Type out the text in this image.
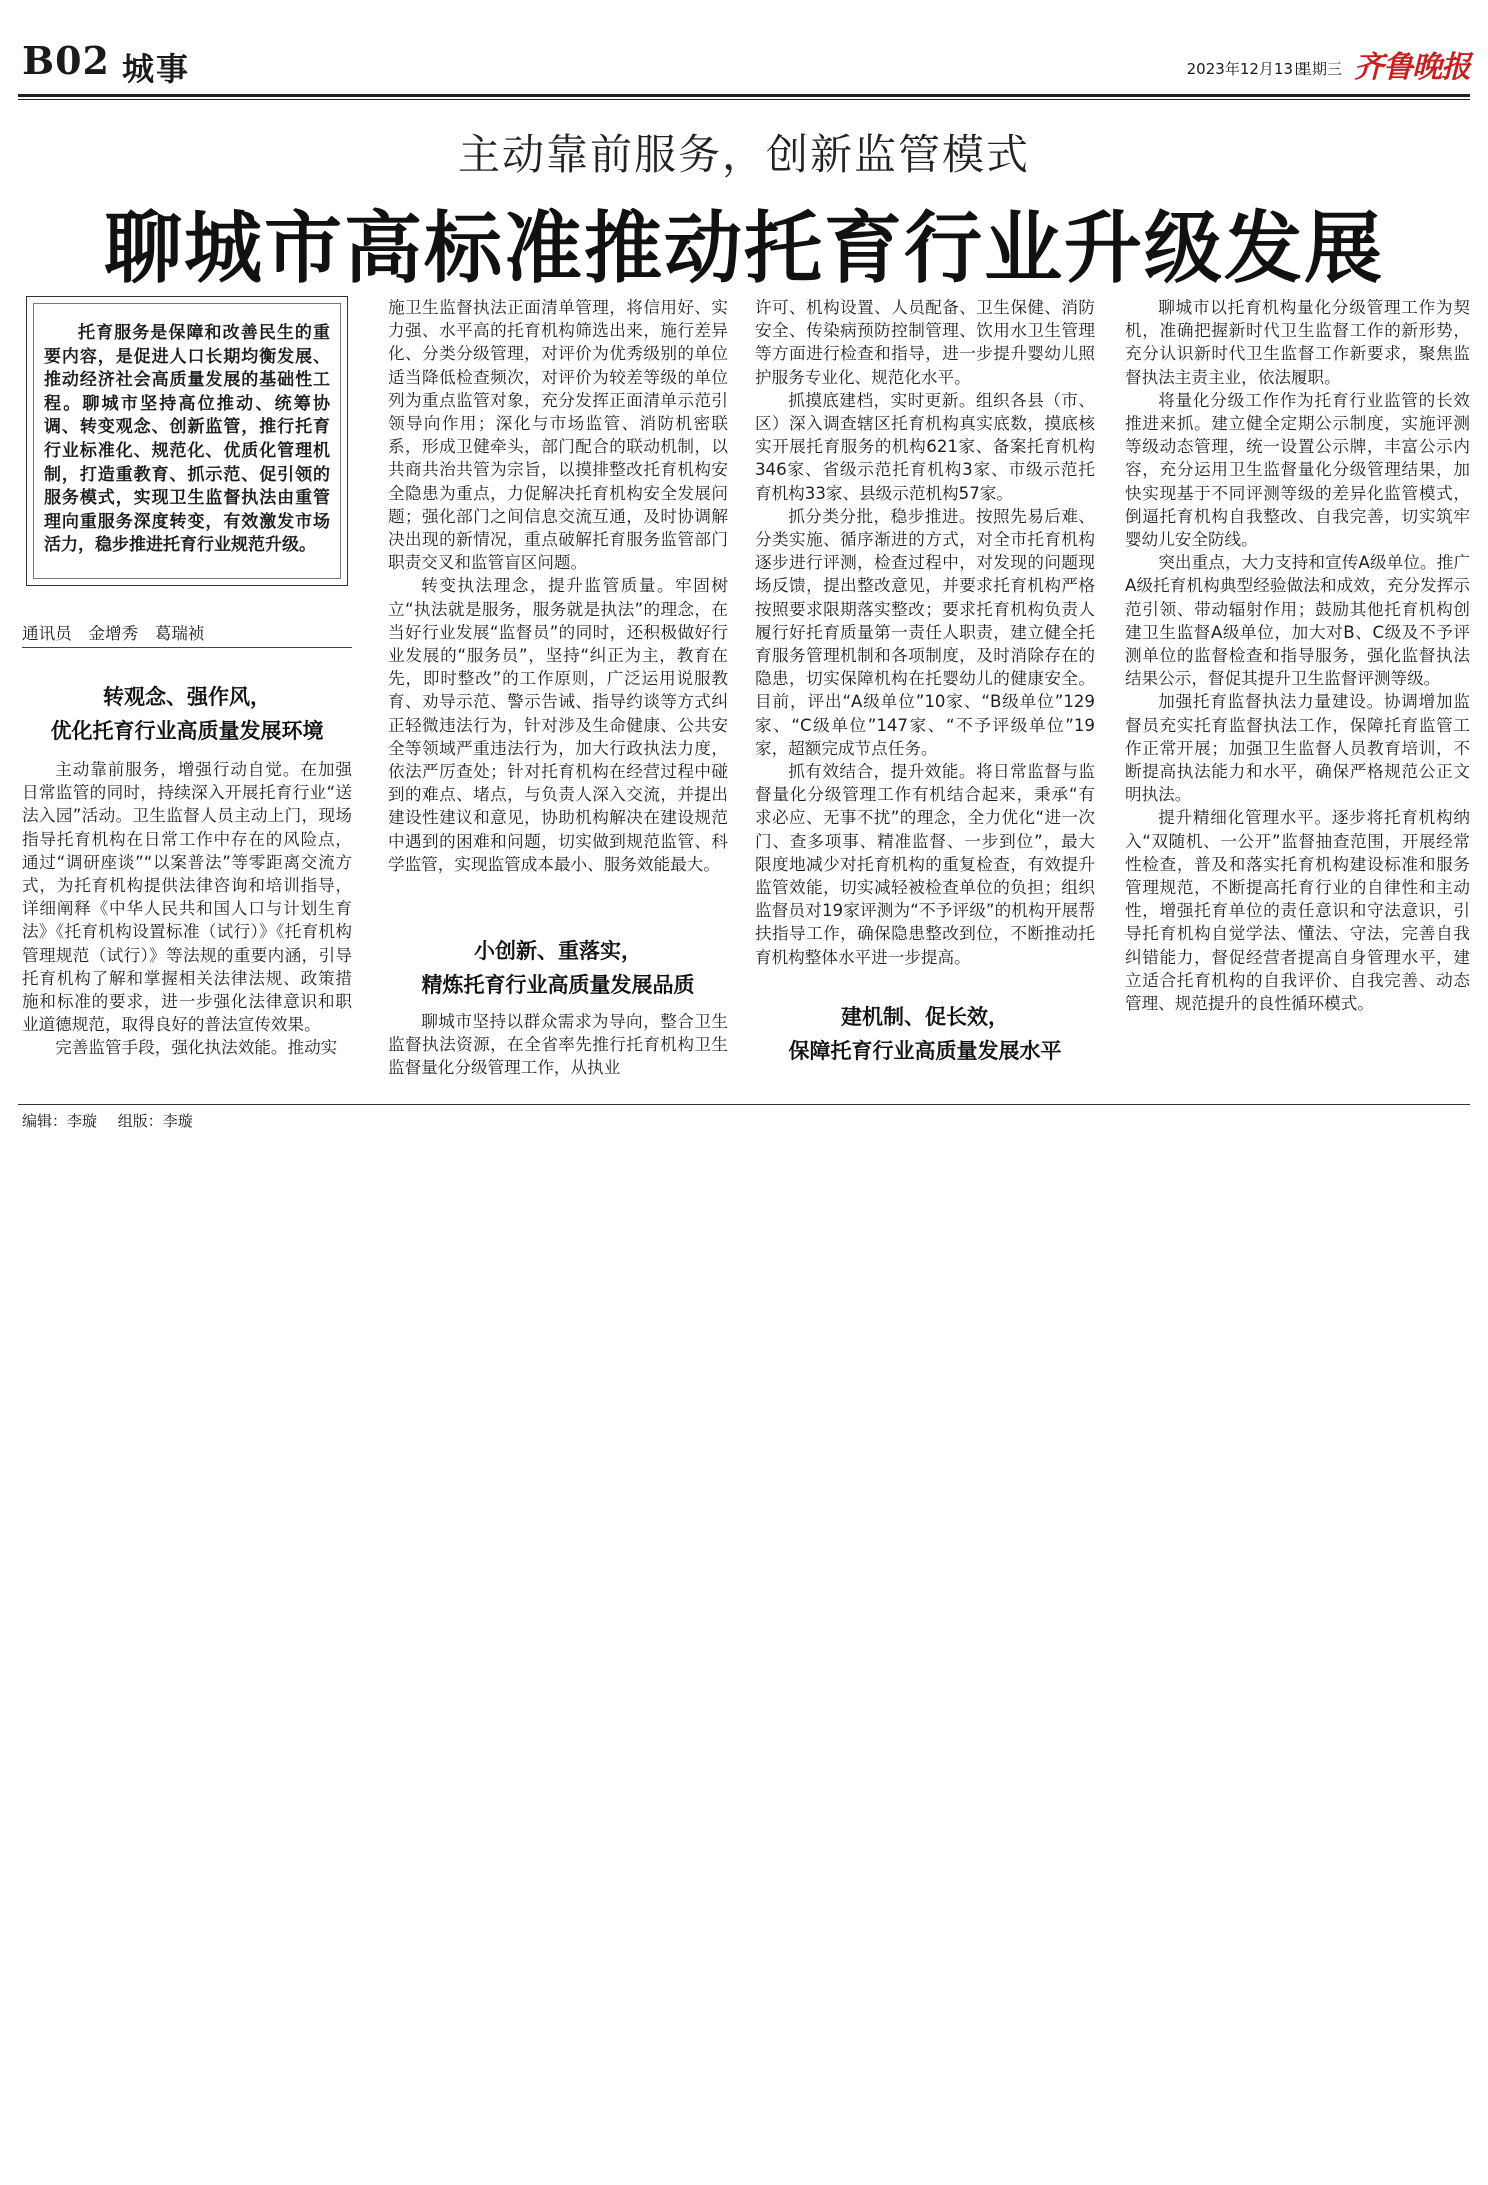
B02 城事	2023年12月13日
星期三 齐鲁晚报
主动靠前服务，创新监管模式
聊城市高标准推动托育行业升级发展

托育服务是保障和改善民生的重要内容，是促进人口长期均衡发展、推动经济社会高质量发展的基础性工程。聊城市坚持高位推动、统筹协调、转变观念、创新监管，推行托育行业标准化、规范化、优质化管理机制，打造重教育、抓示范、促引领的服务模式，实现卫生监督执法由重管理向重服务深度转变，有效激发市场活力，稳步推进托育行业规范升级。

通讯员　金增秀　葛瑞祯
转观念、强作风，
优化托育行业高质量发展环境

主动靠前服务，增强行动自觉。在加强日常监管的同时，持续深入开展托育行业“送法入园”活动。卫生监督人员主动上门，现场指导托育机构在日常工作中存在的风险点，通过“调研座谈”“以案普法”等零距离交流方式，为托育机构提供法律咨询和培训指导，详细阐释《中华人民共和国人口与计划生育法》《托育机构设置标准（试行）》《托育机构管理规范（试行）》等法规的重要内涵，引导托育机构了解和掌握相关法律法规、政策措施和标准的要求，进一步强化法律意识和职业道德规范，取得良好的普法宣传效果。

完善监管手段，强化执法效能。推动实

施卫生监督执法正面清单管理，将信用好、实力强、水平高的托育机构筛选出来，施行差异化、分类分级管理，对评价为优秀级别的单位适当降低检查频次，对评价为较差等级的单位列为重点监管对象，充分发挥正面清单示范引领导向作用；深化与市场监管、消防机密联系，形成卫健牵头，部门配合的联动机制，以共商共治共管为宗旨，以摸排整改托育机构安全隐患为重点，力促解决托育机构安全发展问题；强化部门之间信息交流互通，及时协调解决出现的新情况，重点破解托育服务监管部门职责交叉和监管盲区问题。

转变执法理念，提升监管质量。牢固树立“执法就是服务，服务就是执法”的理念，在当好行业发展“监督员”的同时，还积极做好行业发展的“服务员”，坚持“纠正为主，教育在先，即时整改”的工作原则，广泛运用说服教育、劝导示范、警示告诫、指导约谈等方式纠正轻微违法行为，针对涉及生命健康、公共安全等领域严重违法行为，加大行政执法力度，依法严厉查处；针对托育机构在经营过程中碰到的难点、堵点，与负责人深入交流，并提出建设性建议和意见，协助机构解决在建设规范中遇到的困难和问题，切实做到规范监管、科学监管，实现监管成本最小、服务效能最大。

小创新、重落实，
精炼托育行业高质量发展品质

聊城市坚持以群众需求为导向，整合卫生监督执法资源，在全省率先推行托育机构卫生监督量化分级管理工作，从执业

许可、机构设置、人员配备、卫生保健、消防安全、传染病预防控制管理、饮用水卫生管理等方面进行检查和指导，进一步提升婴幼儿照护服务专业化、规范化水平。

抓摸底建档，实时更新。组织各县（市、区）深入调查辖区托育机构真实底数，摸底核实开展托育服务的机构621家、备案托育机构346家、省级示范托育机构3家、市级示范托育机构33家、县级示范机构57家。

抓分类分批，稳步推进。按照先易后难、分类实施、循序渐进的方式，对全市托育机构逐步进行评测，检查过程中，对发现的问题现场反馈，提出整改意见，并要求托育机构严格按照要求限期落实整改；要求托育机构负责人履行好托育质量第一责任人职责，建立健全托育服务管理机制和各项制度，及时消除存在的隐患，切实保障机构在托婴幼儿的健康安全。目前，评出“A级单位”10家、“B级单位”129家、“C级单位”147家、“不予评级单位”19家，超额完成节点任务。

抓有效结合，提升效能。将日常监督与监督量化分级管理工作有机结合起来，秉承“有求必应、无事不扰”的理念，全力优化“进一次门、查多项事、精准监督、一步到位”，最大限度地减少对托育机构的重复检查，有效提升监管效能，切实减轻被检查单位的负担；组织监督员对19家评测为“不予评级”的机构开展帮扶指导工作，确保隐患整改到位，不断推动托育机构整体水平进一步提高。

建机制、促长效，
保障托育行业高质量发展水平

聊城市以托育机构量化分级管理工作为契机，准确把握新时代卫生监督工作的新形势，充分认识新时代卫生监督工作新要求，聚焦监督执法主责主业，依法履职。

将量化分级工作作为托育行业监管的长效推进来抓。建立健全定期公示制度，实施评测等级动态管理，统一设置公示牌，丰富公示内容，充分运用卫生监督量化分级管理结果，加快实现基于不同评测等级的差异化监管模式，倒逼托育机构自我整改、自我完善，切实筑牢婴幼儿安全防线。

突出重点，大力支持和宣传A级单位。推广A级托育机构典型经验做法和成效，充分发挥示范引领、带动辐射作用；鼓励其他托育机构创建卫生监督A级单位，加大对B、C级及不予评测单位的监督检查和指导服务，强化监督执法结果公示，督促其提升卫生监督评测等级。

加强托育监督执法力量建设。协调增加监督员充实托育监督执法工作，保障托育监管工作正常开展；加强卫生监督人员教育培训，不断提高执法能力和水平，确保严格规范公正文明执法。

提升精细化管理水平。逐步将托育机构纳入“双随机、一公开”监督抽查范围，开展经常性检查，普及和落实托育机构建设标准和服务管理规范，不断提高托育行业的自律性和主动性，增强托育单位的责任意识和守法意识，引导托育机构自觉学法、懂法、守法，完善自我纠错能力，督促经营者提高自身管理水平，建立适合托育机构的自我评价、自我完善、动态管理、规范提升的良性循环模式。

编辑：李璇 组版：李璇
